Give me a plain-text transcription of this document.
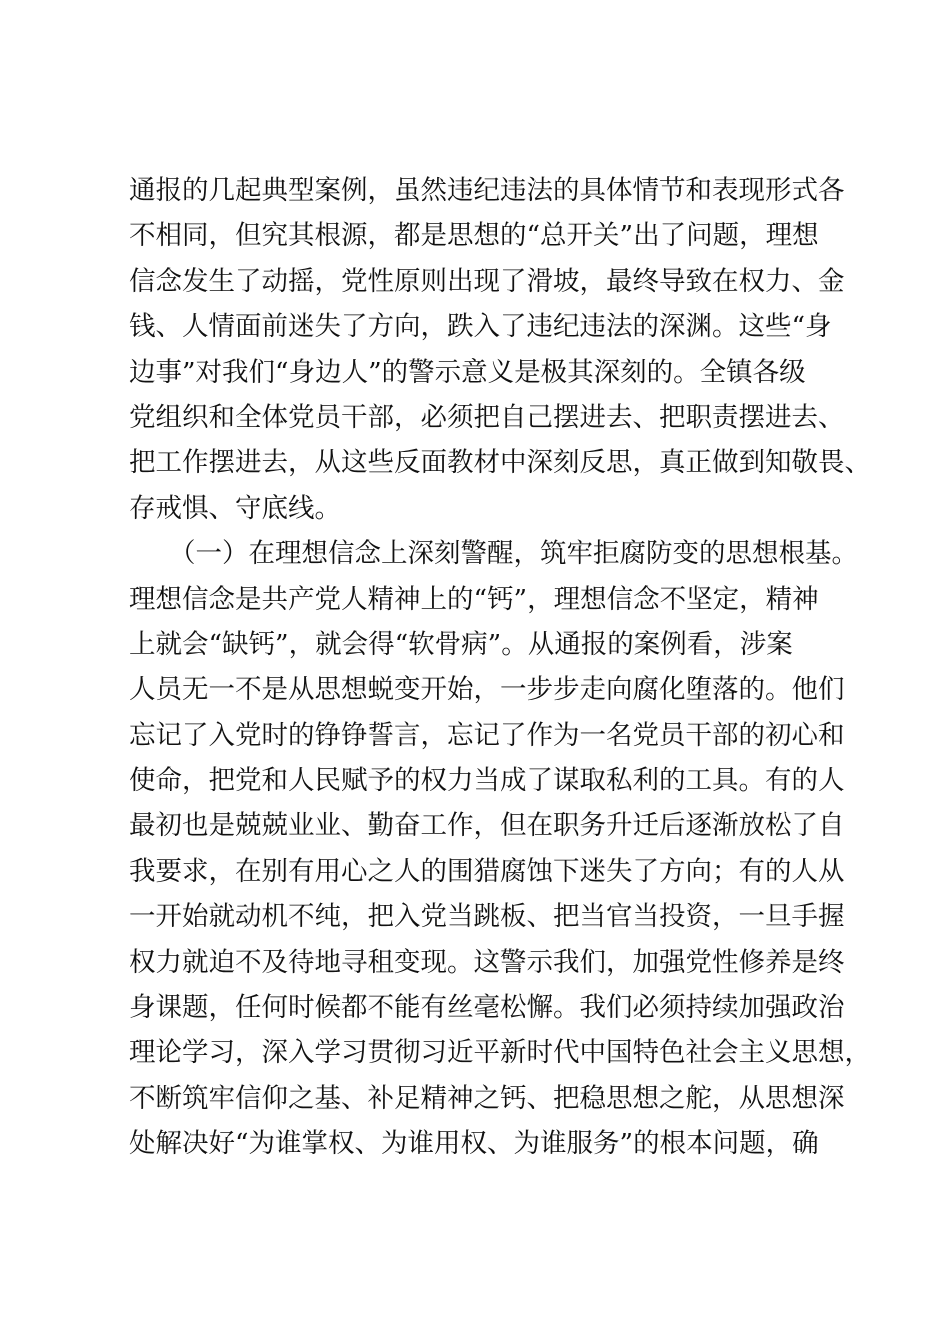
通报的几起典型案例，虽然违纪违法的具体情节和表现形式各
不相同，但究其根源，都是思想的“总开关”出了问题，理想
信念发生了动摇，党性原则出现了滑坡，最终导致在权力、金
钱、人情面前迷失了方向，跌入了违纪违法的深渊。这些“身
边事”对我们“身边人”的警示意义是极其深刻的。全镇各级
党组织和全体党员干部，必须把自己摆进去、把职责摆进去、
把工作摆进去，从这些反面教材中深刻反思，真正做到知敬畏、
存戒惧、守底线。
（一）在理想信念上深刻警醒，筑牢拒腐防变的思想根基。
理想信念是共产党人精神上的“钙”，理想信念不坚定，精神
上就会“缺钙”，就会得“软骨病”。从通报的案例看，涉案
人员无一不是从思想蜕变开始，一步步走向腐化堕落的。他们
忘记了入党时的铮铮誓言，忘记了作为一名党员干部的初心和
使命，把党和人民赋予的权力当成了谋取私利的工具。有的人
最初也是兢兢业业、勤奋工作，但在职务升迁后逐渐放松了自
我要求，在别有用心之人的围猎腐蚀下迷失了方向；有的人从
一开始就动机不纯，把入党当跳板、把当官当投资，一旦手握
权力就迫不及待地寻租变现。这警示我们，加强党性修养是终
身课题，任何时候都不能有丝毫松懈。我们必须持续加强政治
理论学习，深入学习贯彻习近平新时代中国特色社会主义思想，
不断筑牢信仰之基、补足精神之钙、把稳思想之舵，从思想深
处解决好“为谁掌权、为谁用权、为谁服务”的根本问题，确
